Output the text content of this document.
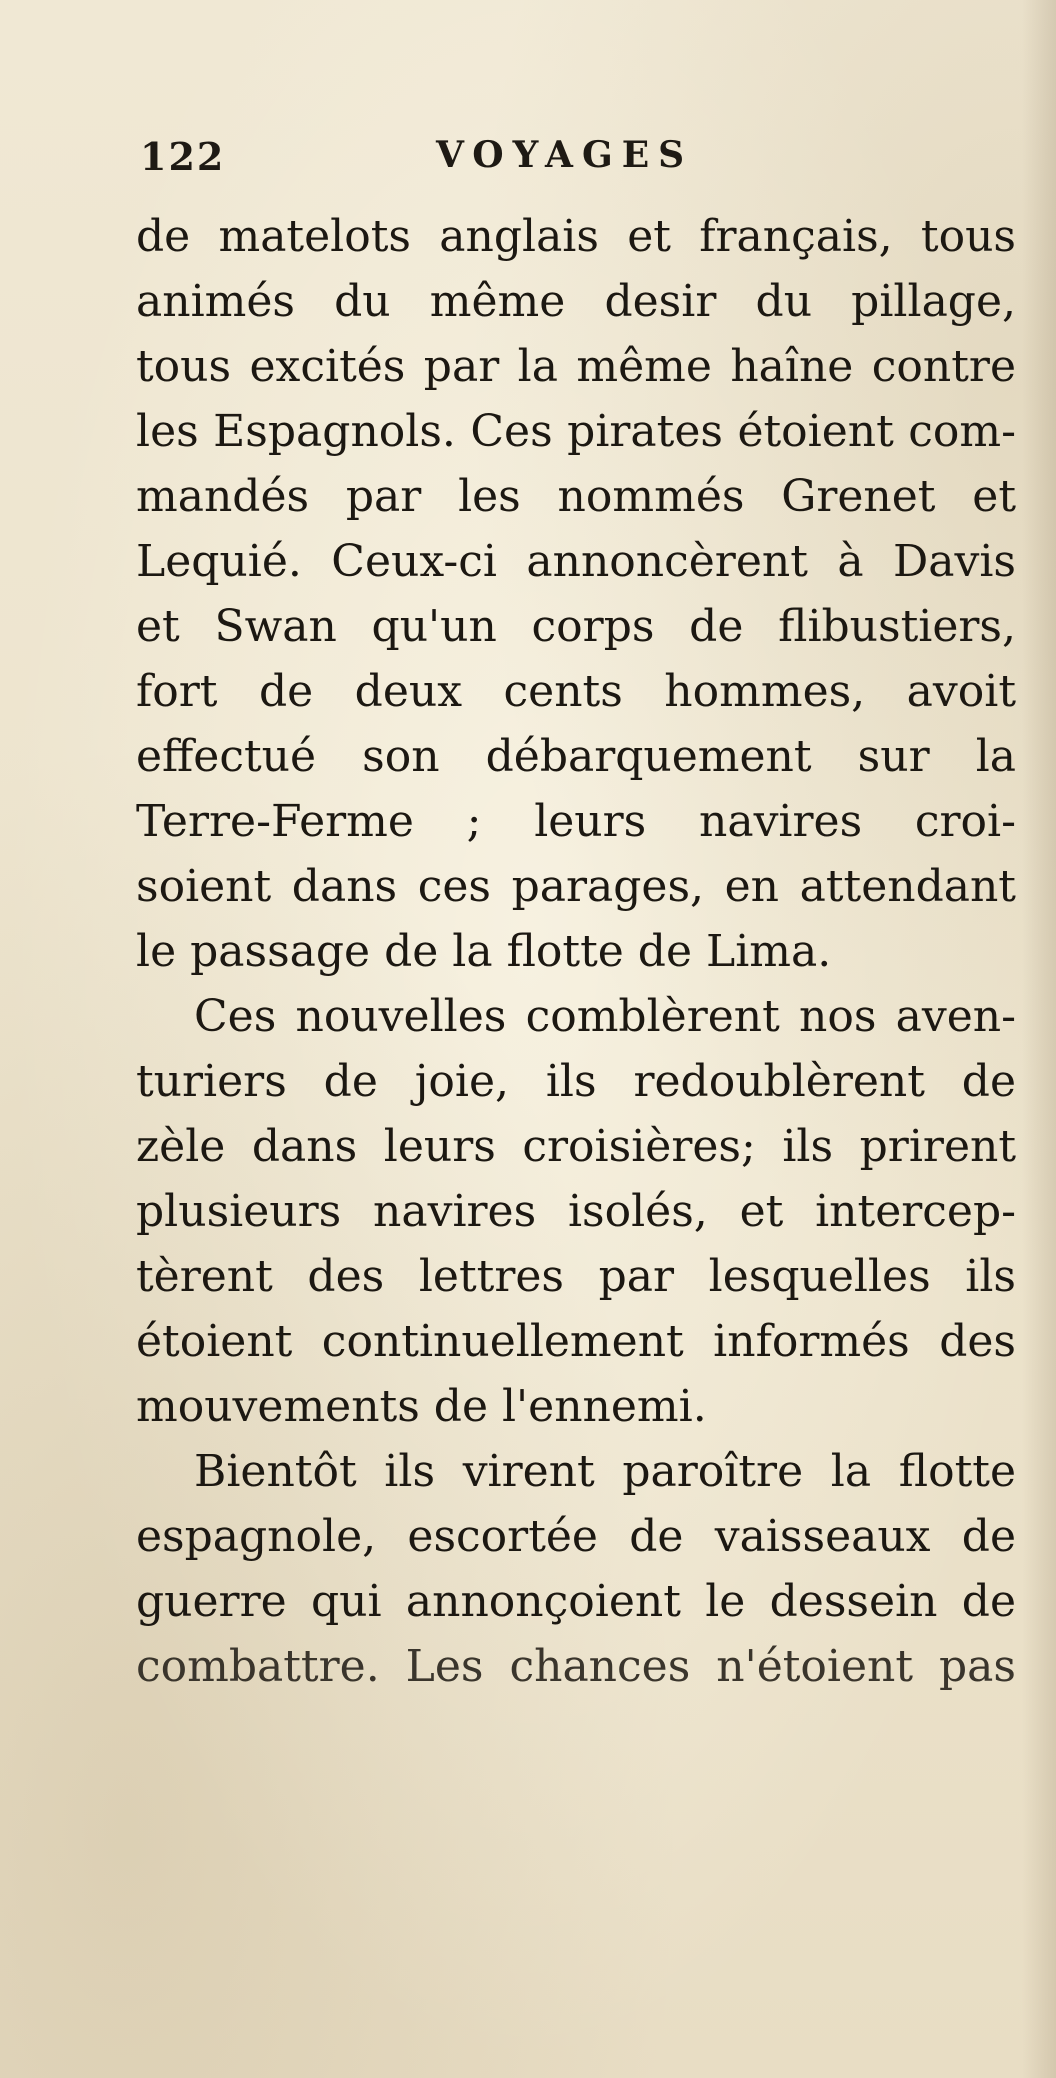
122	VOYAGES
de matelots anglais et français, tous
animés du même desir du pillage,
tous excités par la même haîne contre
les Espagnols. Ces pirates étoient com-
mandés par les nommés Grenet et
Lequié. Ceux-ci annoncèrent à Davis
et Swan qu'un corps de flibustiers,
fort de deux cents hommes, avoit
effectué son débarquement sur la
Terre-Ferme ; leurs navires croi-
soient dans ces parages, en attendant
le passage de la flotte de Lima.
Ces nouvelles comblèrent nos aven-
turiers de joie, ils redoublèrent de
zèle dans leurs croisières; ils prirent
plusieurs navires isolés, et intercep-
tèrent des lettres par lesquelles ils
étoient continuellement informés des
mouvements de l'ennemi.
Bientôt ils virent paroître la flotte
espagnole, escortée de vaisseaux de
guerre qui annonçoient le dessein de
combattre. Les chances n'étoient pas
